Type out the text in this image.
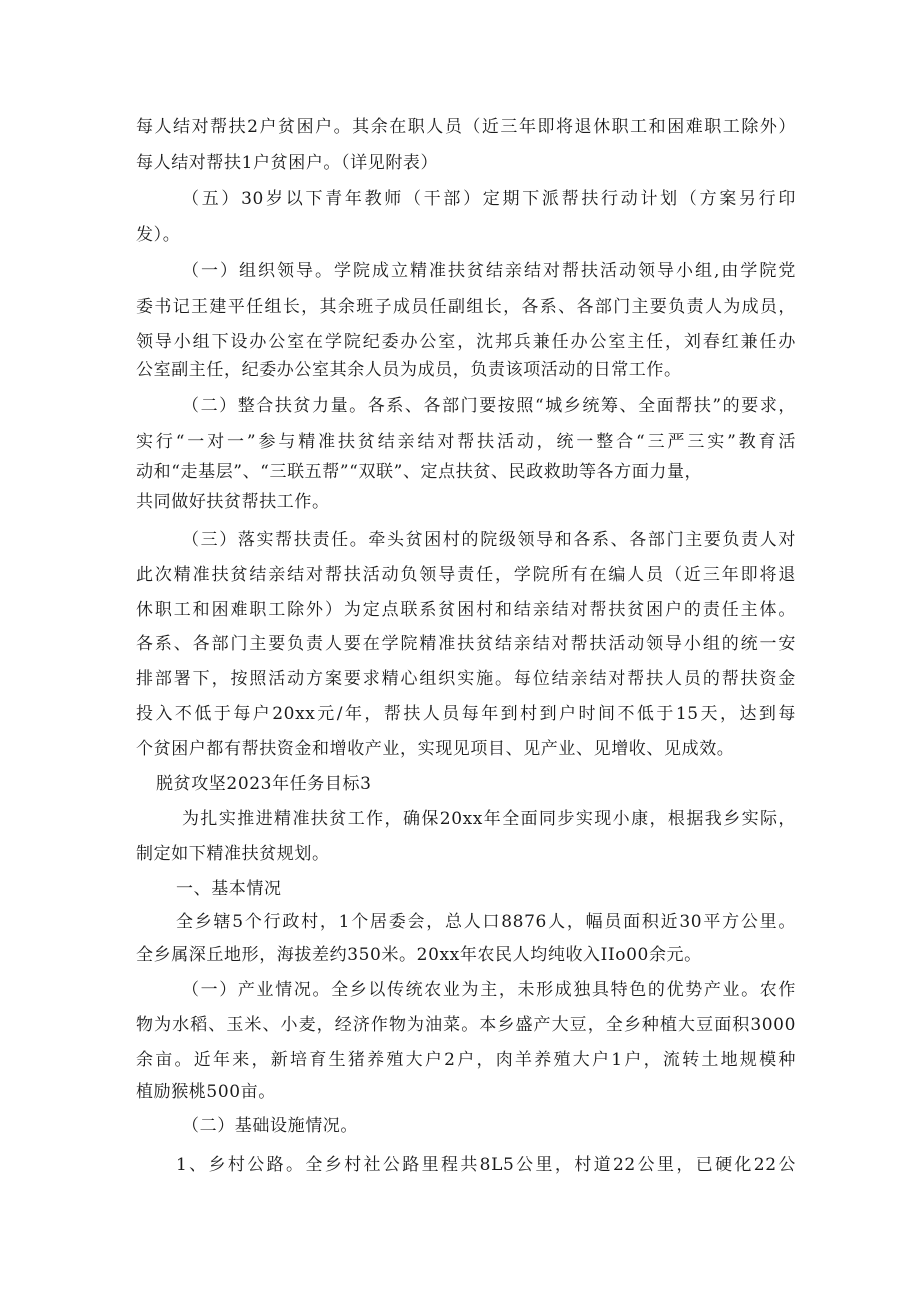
每人结对帮扶2户贫困户。其余在职人员（近三年即将退休职工和困难职工除外）
每人结对帮扶1户贫困户。（详见附表）
（五）30岁以下青年教师（干部）定期下派帮扶行动计划（方案另行印
发）。
（一）组织领导。学院成立精准扶贫结亲结对帮扶活动领导小组,由学院党
委书记王建平任组长，其余班子成员任副组长，各系、各部门主要负责人为成员，
领导小组下设办公室在学院纪委办公室，沈邦兵兼任办公室主任，刘春红兼任办
公室副主任，纪委办公室其余人员为成员，负责该项活动的日常工作。
（二）整合扶贫力量。各系、各部门要按照“城乡统筹、全面帮扶”的要求，
实行“一对一”参与精准扶贫结亲结对帮扶活动，统一整合“三严三实”教育活
动和“走基层”、“三联五帮”“双联”、定点扶贫、民政救助等各方面力量，
共同做好扶贫帮扶工作。
（三）落实帮扶责任。牵头贫困村的院级领导和各系、各部门主要负责人对
此次精准扶贫结亲结对帮扶活动负领导责任，学院所有在编人员（近三年即将退
休职工和困难职工除外）为定点联系贫困村和结亲结对帮扶贫困户的责任主体。
各系、各部门主要负责人要在学院精准扶贫结亲结对帮扶活动领导小组的统一安
排部署下，按照活动方案要求精心组织实施。每位结亲结对帮扶人员的帮扶资金
投入不低于每户20xx元/年，帮扶人员每年到村到户时间不低于15天，达到每
个贫困户都有帮扶资金和增收产业，实现见项目、见产业、见增收、见成效。
脱贫攻坚2023年任务目标3
为扎实推进精准扶贫工作，确保20xx年全面同步实现小康，根据我乡实际，
制定如下精准扶贫规划。
一、基本情况
全乡辖5个行政村，1个居委会，总人口8876人，幅员面积近30平方公里。
全乡属深丘地形，海拔差约350米。20xx年农民人均纯收入IIo00余元。
（一）产业情况。全乡以传统农业为主，未形成独具特色的优势产业。农作
物为水稻、玉米、小麦，经济作物为油菜。本乡盛产大豆，全乡种植大豆面积3000
余亩。近年来，新培育生猪养殖大户2户，肉羊养殖大户1户，流转土地规模种
植励猴桃500亩。
（二）基础设施情况。
1、乡村公路。全乡村社公路里程共8L5公里，村道22公里，已硬化22公
